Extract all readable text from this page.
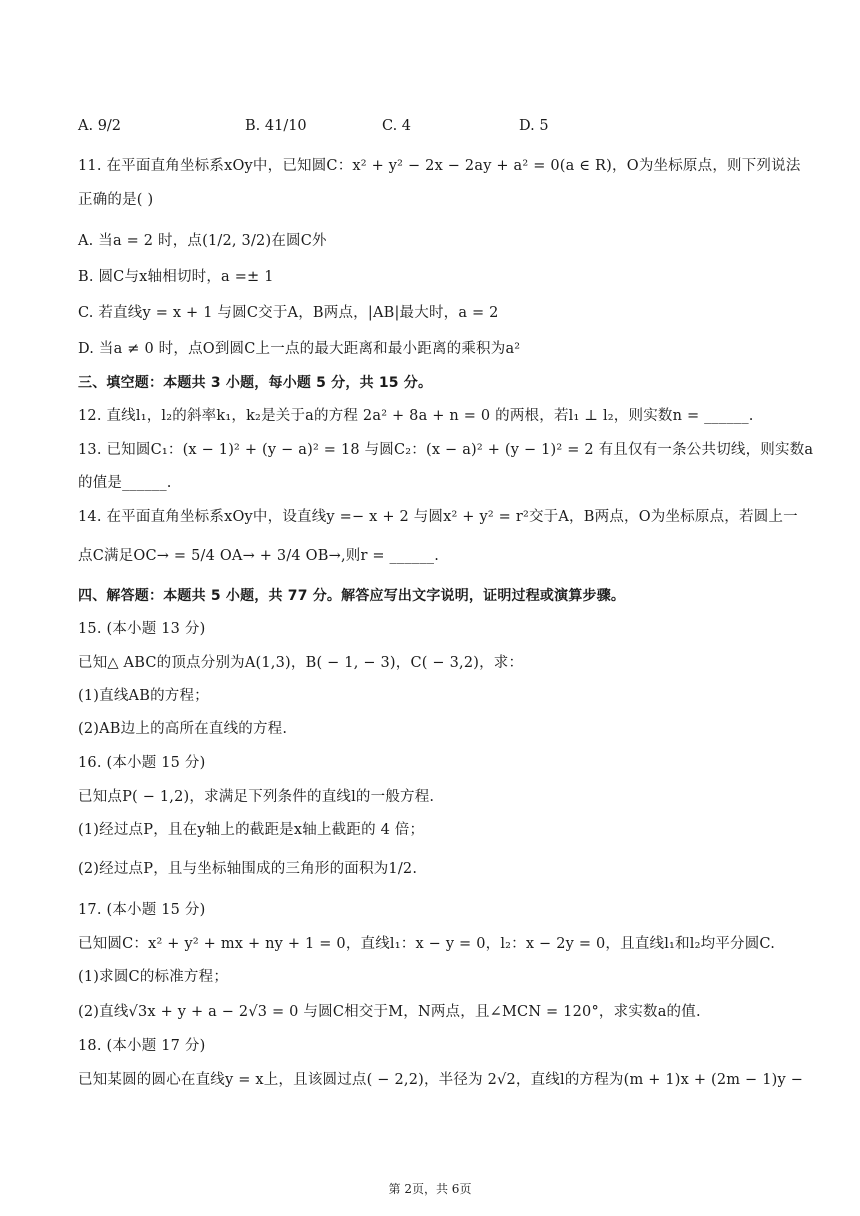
A. 9/2	B. 41/10	C. 4	D. 5
11. 在平面直角坐标系xOy中，已知圆C：x² + y² − 2x − 2ay + a² = 0(a ∈ R)，O为坐标原点，则下列说法
正确的是( )
A. 当a = 2 时，点(1/2, 3/2)在圆C外
B. 圆C与x轴相切时，a =± 1
C. 若直线y = x + 1 与圆C交于A，B两点，|AB|最大时，a = 2
D. 当a ≠ 0 时，点O到圆C上一点的最大距离和最小距离的乘积为a²
三、填空题：本题共 3 小题，每小题 5 分，共 15 分。
12. 直线l₁，l₂的斜率k₁，k₂是关于a的方程 2a² + 8a + n = 0 的两根，若l₁ ⊥ l₂，则实数n = ______.
13. 已知圆C₁：(x − 1)² + (y − a)² = 18 与圆C₂：(x − a)² + (y − 1)² = 2 有且仅有一条公共切线，则实数a
的值是______.
14. 在平面直角坐标系xOy中，设直线y =− x + 2 与圆x² + y² = r²交于A，B两点，O为坐标原点，若圆上一
点C满足OC→ = 5/4 OA→ + 3/4 OB→,则r = ______.
四、解答题：本题共 5 小题，共 77 分。解答应写出文字说明，证明过程或演算步骤。
15. (本小题 13 分)
已知△ ABC的顶点分别为A(1,3)，B( − 1, − 3)，C( − 3,2)，求：
(1)直线AB的方程；
(2)AB边上的高所在直线的方程.
16. (本小题 15 分)
已知点P( − 1,2)，求满足下列条件的直线l的一般方程.
(1)经过点P，且在y轴上的截距是x轴上截距的 4 倍；
(2)经过点P，且与坐标轴围成的三角形的面积为1/2.
17. (本小题 15 分)
已知圆C：x² + y² + mx + ny + 1 = 0，直线l₁：x − y = 0，l₂：x − 2y = 0，且直线l₁和l₂均平分圆C.
(1)求圆C的标准方程；
(2)直线√3x + y + a − 2√3 = 0 与圆C相交于M，N两点，且∠MCN = 120°，求实数a的值.
18. (本小题 17 分)
已知某圆的圆心在直线y = x上，且该圆过点( − 2,2)，半径为 2√2，直线l的方程为(m + 1)x + (2m − 1)y −
第 2页，共 6页
